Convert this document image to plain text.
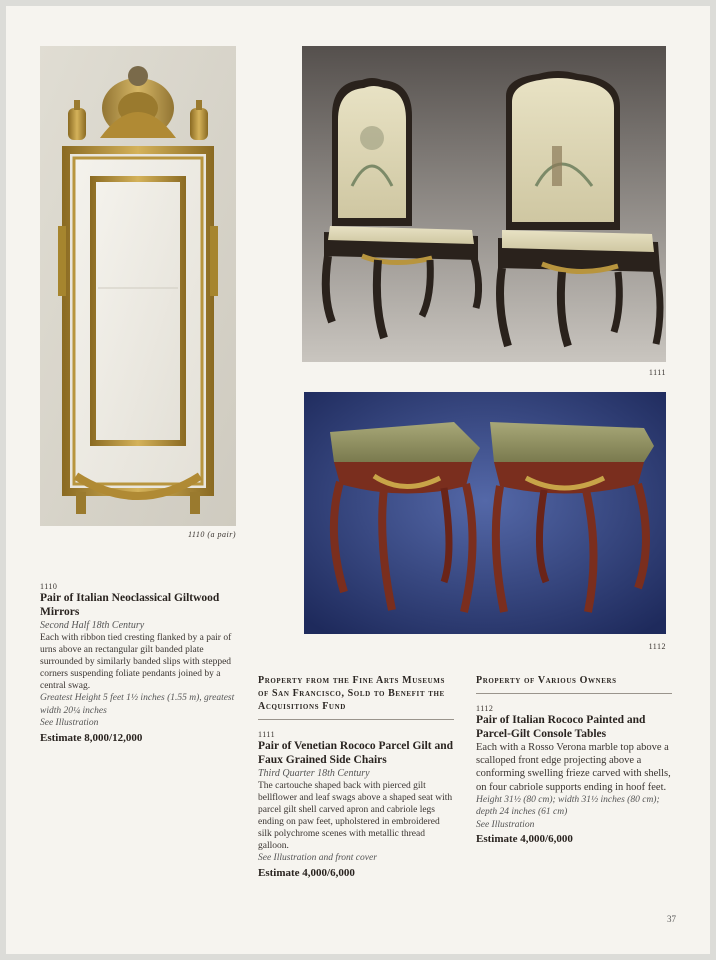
1110 (a pair)
1111
1112
1110
Pair of Italian Neoclassical Giltwood Mirrors
Second Half 18th Century
Each with ribbon tied cresting flanked by a pair of urns above an rectangular gilt banded plate surrounded by similarly banded slips with stepped corners suspending foliate pendants joined by a central swag.
Greatest Height 5 feet 1½ inches (1.55 m), greatest width 20¼ inches
See Illustration
Estimate 8,000/12,000
Property from the Fine Arts Museums of San Francisco, Sold to Benefit the Acquisitions Fund
1111
Pair of Venetian Rococo Parcel Gilt and Faux Grained Side Chairs
Third Quarter 18th Century
The cartouche shaped back with pierced gilt bellflower and leaf swags above a shaped seat with parcel gilt shell carved apron and cabriole legs ending on paw feet, upholstered in embroidered silk polychrome scenes with metallic thread galloon.
See Illustration and front cover
Estimate 4,000/6,000
Property of Various Owners
1112
Pair of Italian Rococo Painted and Parcel-Gilt Console Tables
Each with a Rosso Verona marble top above a scalloped front edge projecting above a conforming swelling frieze carved with shells, on four cabriole supports ending in hoof feet.
Height 31½ (80 cm); width 31½ inches (80 cm); depth 24 inches (61 cm)
See Illustration
Estimate 4,000/6,000
37
